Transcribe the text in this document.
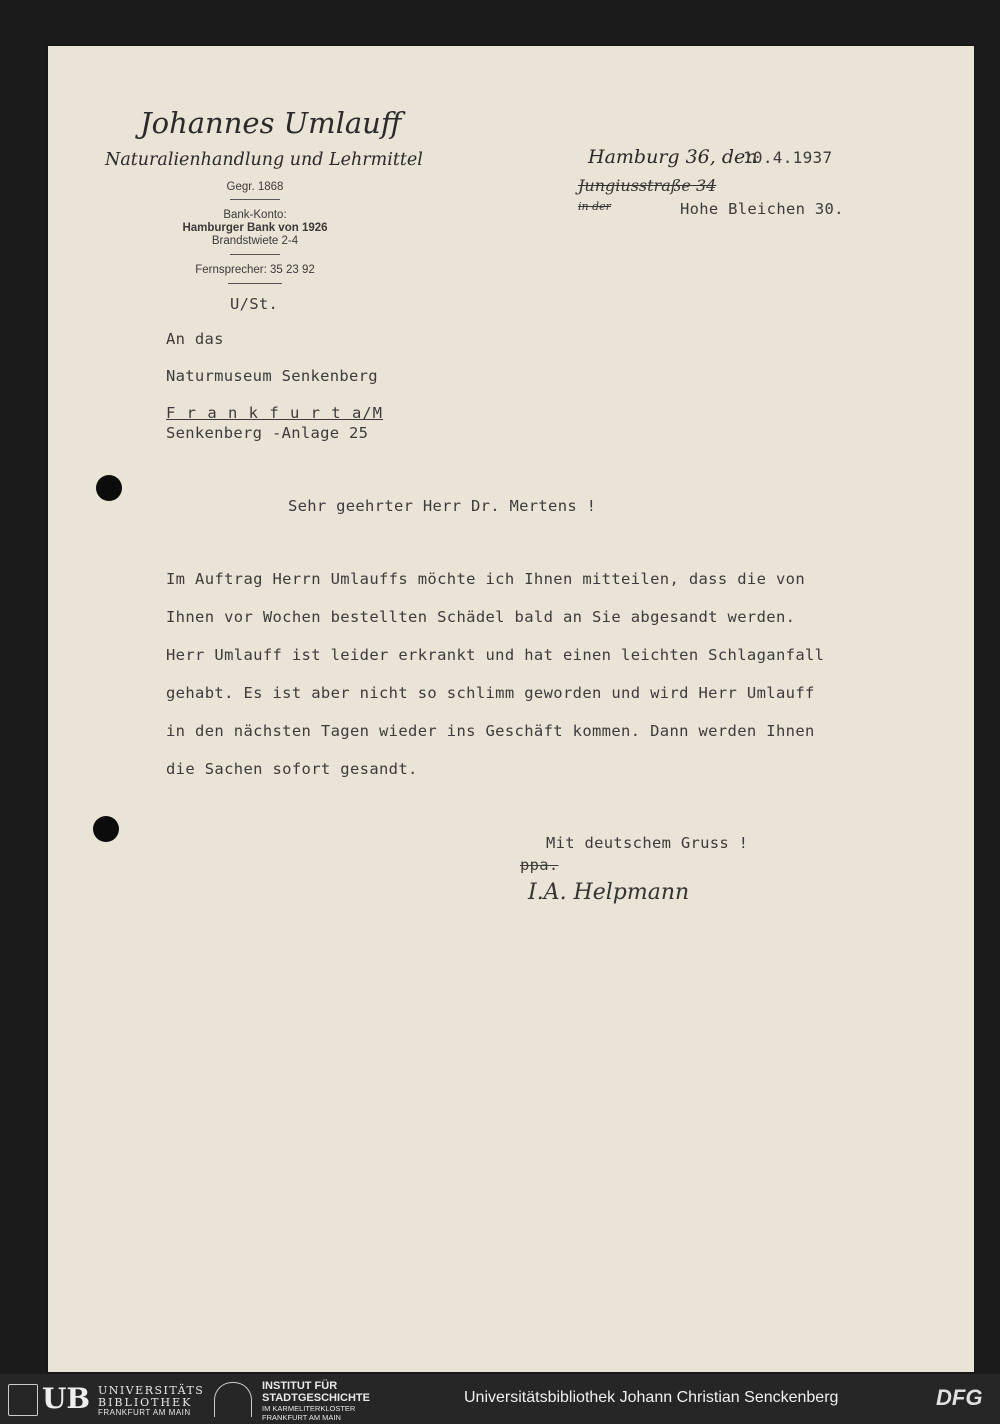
Johannes Umlauff
Naturalienhandlung und Lehrmittel
Gegr. 1868
Bank-Konto:
Hamburger Bank von 1926
Brandstwiete 2-4
Fernsprecher: 35 23 92
U/St.
Hamburg 36, den
10.4.1937
Jungiusstraße 34
in der	Hohe Bleichen 30.
An das
Naturmuseum Senkenberg
F r a n k f u r t a/M
Senkenberg -Anlage 25
Sehr geehrter Herr Dr. Mertens !
Im Auftrag Herrn Umlauffs möchte ich Ihnen mitteilen, dass die von
Ihnen vor Wochen bestellten Schädel bald an Sie abgesandt werden.
Herr Umlauff ist leider erkrankt und hat einen leichten Schlaganfall
gehabt. Es ist aber nicht so schlimm geworden und wird Herr Umlauff
in den nächsten Tagen wieder ins Geschäft kommen. Dann werden Ihnen
die Sachen sofort gesandt.
Mit deutschem Gruss !
ppa.
I.A. Helpmann
UB UNIVERSITÄTS
BIBLIOTHEK
FRANKFURT AM MAIN
INSTITUT FÜR
STADTGESCHICHTE
IM KARMELITERKLOSTER
FRANKFURT AM MAIN
Universitätsbibliothek Johann Christian Senckenberg	DFG
